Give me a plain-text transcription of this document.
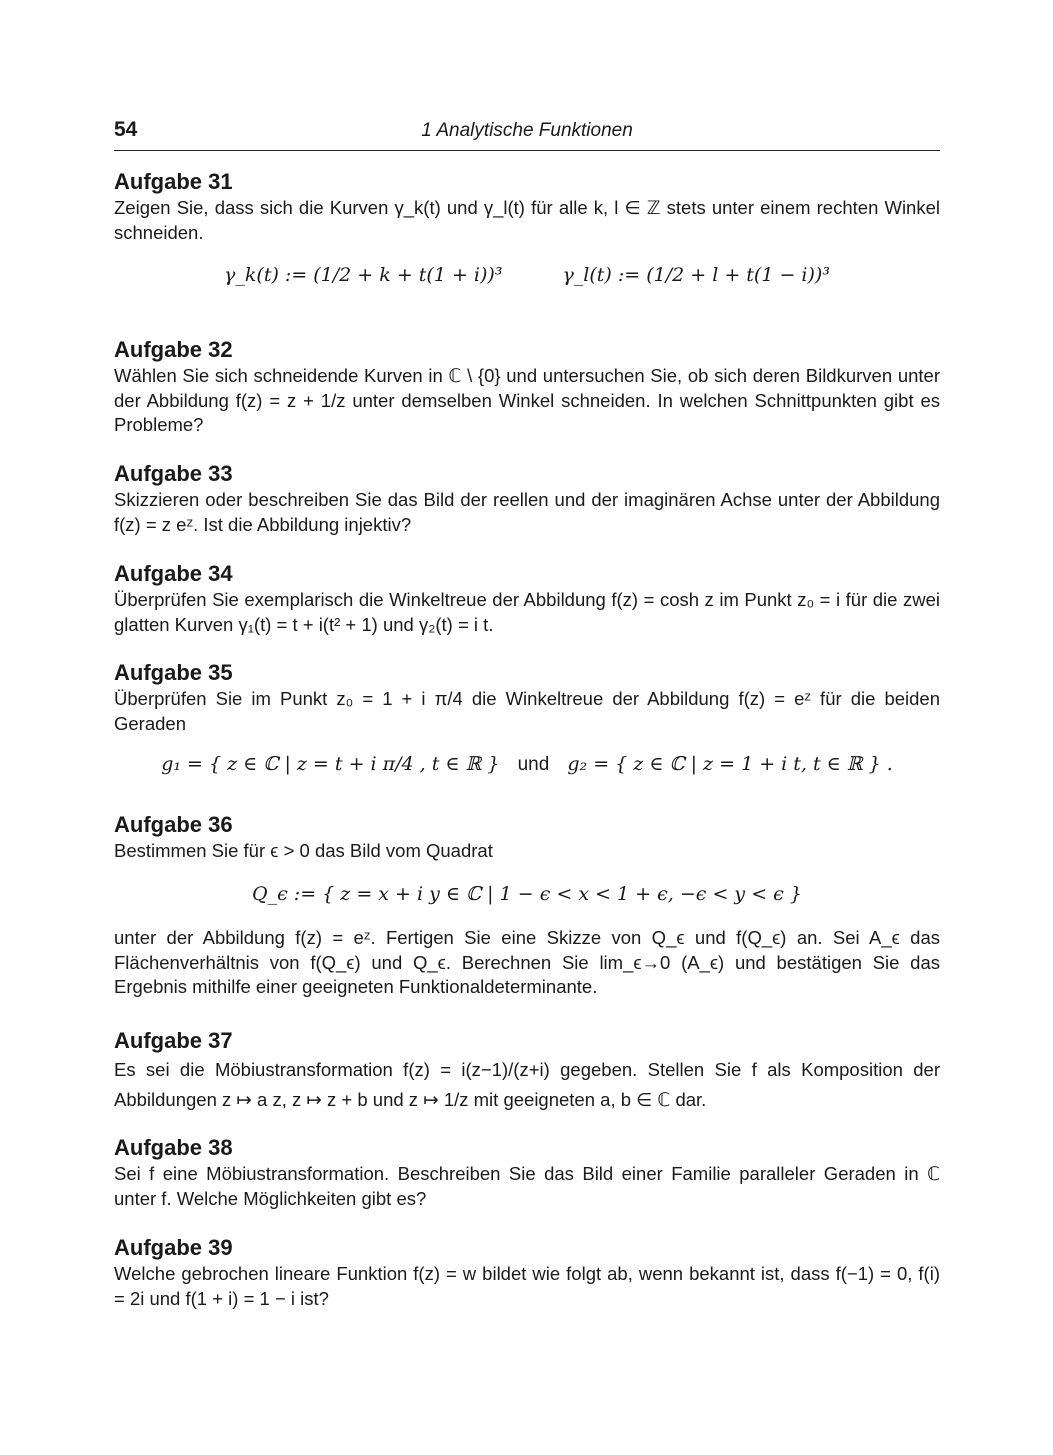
54	1 Analytische Funktionen
Aufgabe 31

Zeigen Sie, dass sich die Kurven γ_k(t) und γ_l(t) für alle k, l ∈ ℤ stets unter einem rechten Winkel schneiden.

γ_k(t) := (1/2 + k + t(1 + i))³	γ_l(t) := (1/2 + l + t(1 − i))³
Aufgabe 32

Wählen Sie sich schneidende Kurven in ℂ \ {0} und untersuchen Sie, ob sich deren Bildkurven unter der Abbildung f(z) = z + 1/z unter demselben Winkel schneiden. In welchen Schnittpunkten gibt es Probleme?

Aufgabe 33

Skizzieren oder beschreiben Sie das Bild der reellen und der imaginären Achse unter der Abbildung f(z) = z eᶻ. Ist die Abbildung injektiv?

Aufgabe 34

Überprüfen Sie exemplarisch die Winkeltreue der Abbildung f(z) = cosh z im Punkt z₀ = i für die zwei glatten Kurven γ₁(t) = t + i(t² + 1) und γ₂(t) = i t.

Aufgabe 35

Überprüfen Sie im Punkt z₀ = 1 + i π/4 die Winkeltreue der Abbildung f(z) = eᶻ für die beiden Geraden

g₁ = { z ∈ ℂ | z = t + i π/4 , t ∈ ℝ } und g₂ = { z ∈ ℂ | z = 1 + i t, t ∈ ℝ } .
Aufgabe 36

Bestimmen Sie für ϵ > 0 das Bild vom Quadrat

Q_ϵ := { z = x + i y ∈ ℂ | 1 − ϵ < x < 1 + ϵ, −ϵ < y < ϵ }

unter der Abbildung f(z) = eᶻ. Fertigen Sie eine Skizze von Q_ϵ und f(Q_ϵ) an. Sei A_ϵ das Flächenverhältnis von f(Q_ϵ) und Q_ϵ. Berechnen Sie lim_ϵ→0 (A_ϵ) und bestätigen Sie das Ergebnis mithilfe einer geeigneten Funktionaldeterminante.

Aufgabe 37

Es sei die Möbiustransformation f(z) = i(z−1)/(z+i) gegeben. Stellen Sie f als Komposition der Abbildungen z ↦ a z, z ↦ z + b und z ↦ 1/z mit geeigneten a, b ∈ ℂ dar.

Aufgabe 38

Sei f eine Möbiustransformation. Beschreiben Sie das Bild einer Familie paralleler Geraden in ℂ unter f. Welche Möglichkeiten gibt es?

Aufgabe 39

Welche gebrochen lineare Funktion f(z) = w bildet wie folgt ab, wenn bekannt ist, dass f(−1) = 0, f(i) = 2i und f(1 + i) = 1 − i ist?
